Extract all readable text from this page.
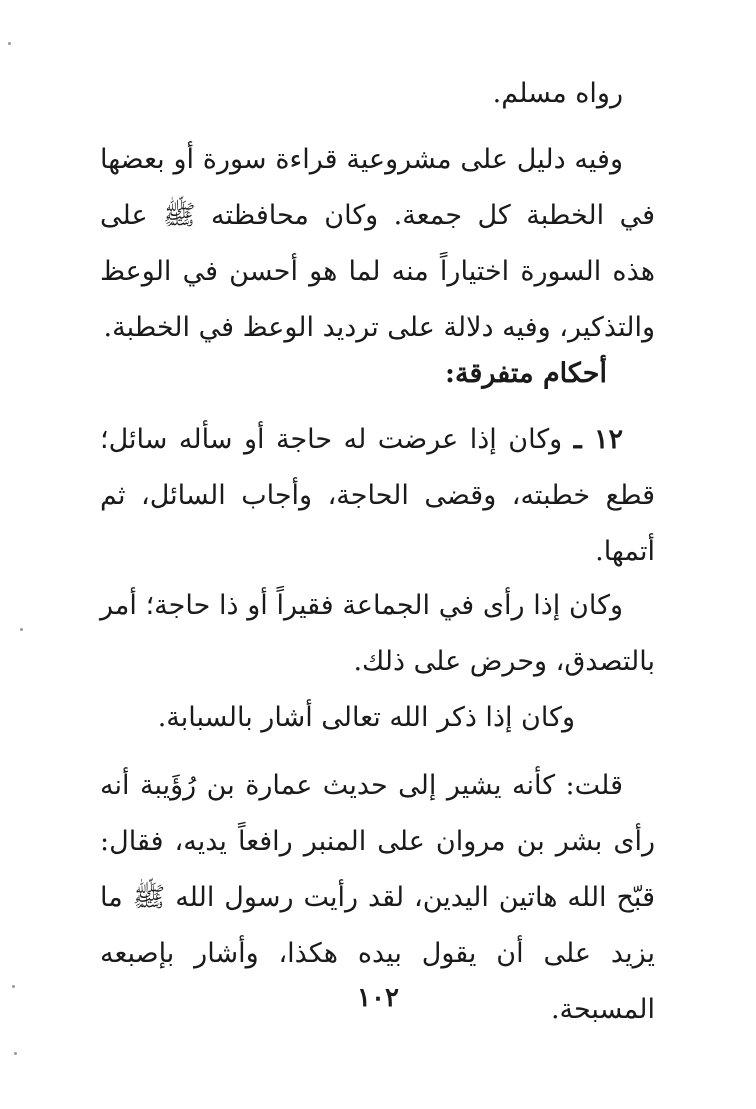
رواه مسلم.

وفيه دليل على مشروعية قراءة سورة أو بعضها في الخطبة كل جمعة. وكان محافظته ﷺ على هذه السورة اختياراً منه لما هو أحسن في الوعظ والتذكير، وفيه دلالة على ترديد الوعظ في الخطبة.

أحكام متفرقة:

١٢ ـ وكان إذا عرضت له حاجة أو سأله سائل؛ قطع خطبته، وقضى الحاجة، وأجاب السائل، ثم أتمها.

وكان إذا رأى في الجماعة فقيراً أو ذا حاجة؛ أمر بالتصدق، وحرض على ذلك.

وكان إذا ذكر الله تعالى أشار بالسبابة.

قلت: كأنه يشير إلى حديث عمارة بن رُؤَيبة أنه رأى بشر بن مروان على المنبر رافعاً يديه، فقال: قبّح الله هاتين اليدين، لقد رأيت رسول الله ﷺ ما يزيد على أن يقول بيده هكذا، وأشار بإصبعه المسبحة.

١٠٢
